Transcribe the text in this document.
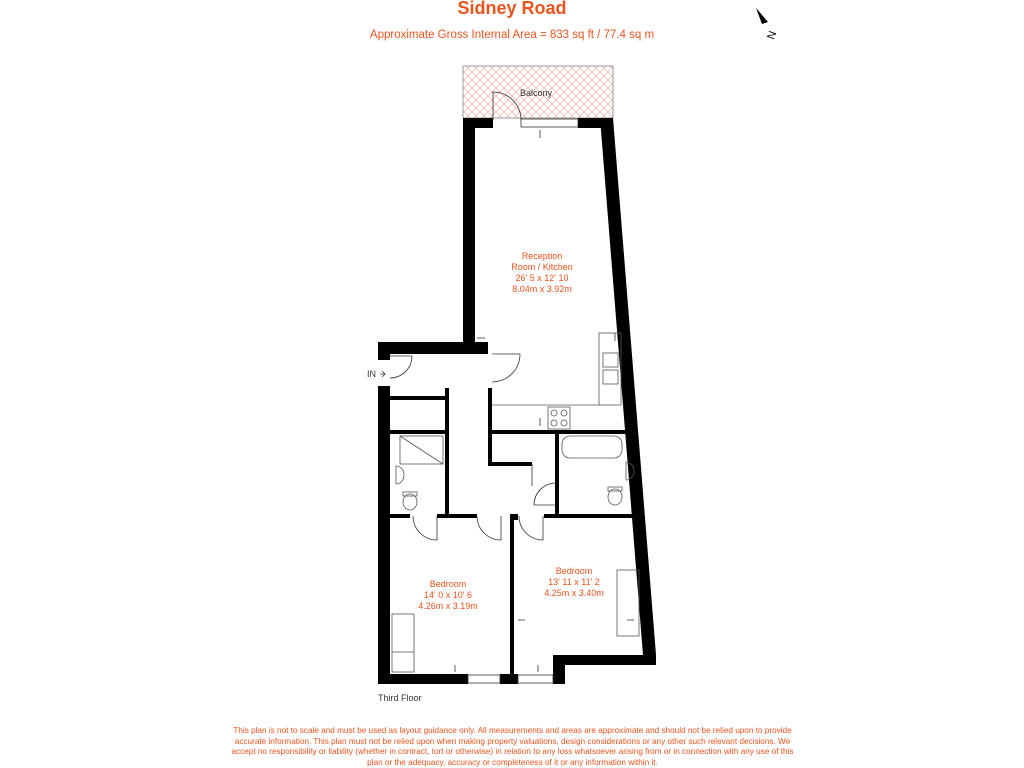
Sidney Road
Approximate Gross Internal Area = 833 sq ft / 77.4 sq m	N
Balcony
Reception
Room / Kitchen
26' 5 x 12' 10
8.04m x 3.92m
Bedroom
14' 0 x 10' 6
4.26m x 3.19m
Bedroom
13' 11 x 11' 2
4.25m x 3.40m
IN
Third Floor
This plan is not to scale and must be used as layout guidance only. All measurements and areas are approximate and should not be relied upon to provide accurate information. This plan must not be relied upon when making property valuations, design considerations or any other such relevant decisions. We accept no responsibility or liability (whether in contract, tort or otherwise) in relation to any loss whatsoever arising from or in connection with any use of this plan or the adequacy, accuracy or completeness of it or any information within it.
